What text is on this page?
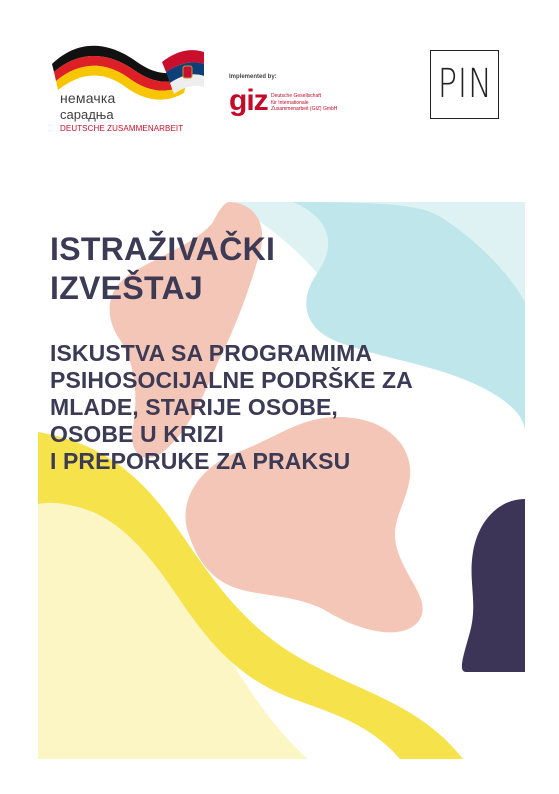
немачка
сарадња
DEUTSCHE ZUSAMMENARBEIT
Implemented by:
giz Deutsche Gesellschaft
für Internationale
Zusammenarbeit (GIZ) GmbH
PIN
ISTRAŽIVAČKI
IZVEŠTAJ
ISKUSTVA SA PROGRAMIMA
PSIHOSOCIJALNE PODRŠKE ZA
MLADE, STARIJE OSOBE,
OSOBE U KRIZI
I PREPORUKE ZA PRAKSU
